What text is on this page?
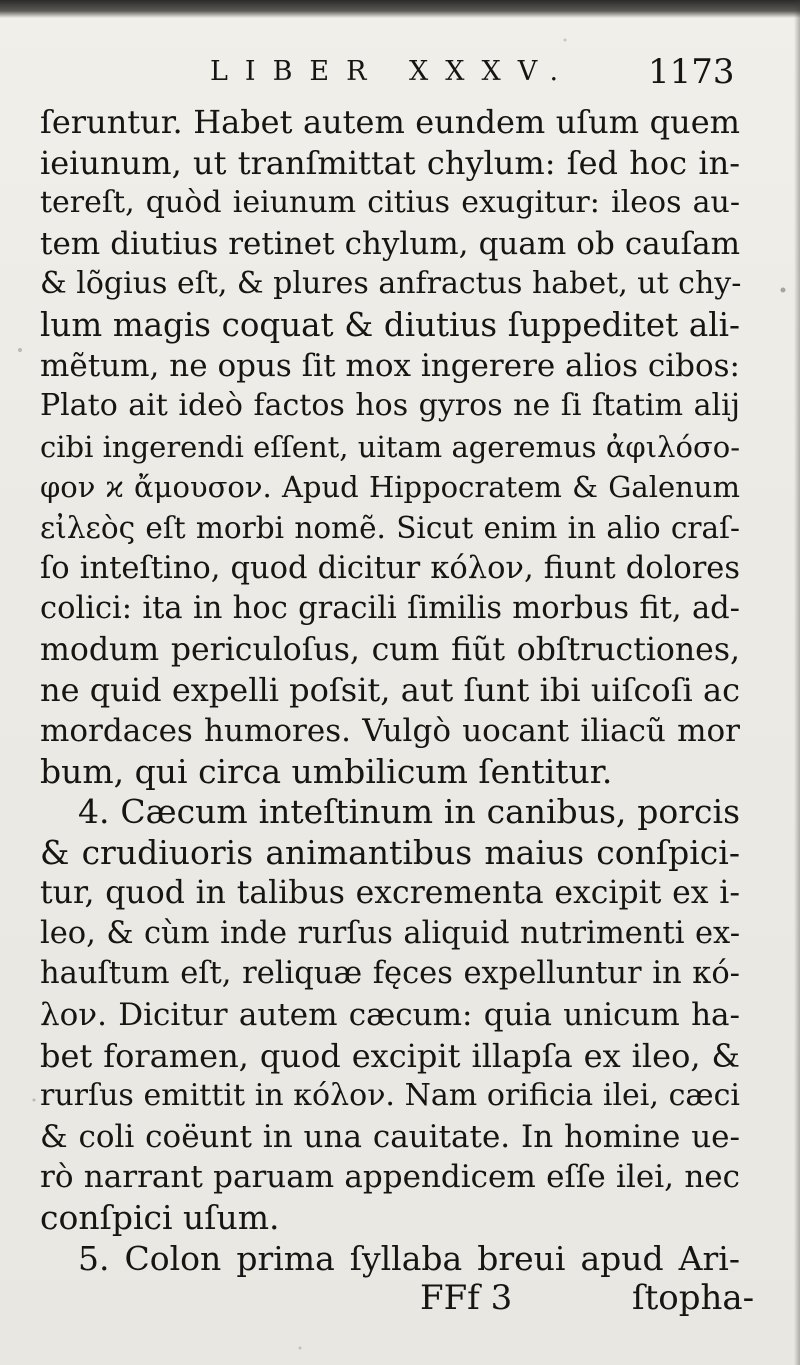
LIBER XXXV. 1173
ſeruntur. Habet autem eundem uſum quem
ieiunum, ut tranſmittat chylum: ſed hoc in-
tereſt, quòd ieiunum citius exugitur: ileos au-
tem diutius retinet chylum, quam ob cauſam
& lõgius eſt, & plures anfractus habet, ut chy-
lum magis coquat & diutius ſuppeditet ali-
mẽtum, ne opus ſit mox ingerere alios cibos:
Plato ait ideò factos hos gyros ne ſi ſtatim alij
cibi ingerendi eſſent, uitam ageremus ἀφιλόσο-
φον ϰ ἄμουσον. Apud Hippocratem & Galenum
εἰλεὸς eſt morbi nomẽ. Sicut enim in alio craſ-
ſo inteſtino, quod dicitur κόλον, fiunt dolores
colici: ita in hoc gracili ſimilis morbus fit, ad-
modum periculoſus, cum fiũt obſtructiones,
ne quid expelli poſsit, aut ſunt ibi uiſcoſi ac
mordaces humores. Vulgò uocant iliacũ mor
bum, qui circa umbilicum ſentitur.
4. Cæcum inteſtinum in canibus, porcis
& crudiuoris animantibus maius conſpici-
tur, quod in talibus excrementa excipit ex i-
leo, & cùm inde rurſus aliquid nutrimenti ex-
hauſtum eſt, reliquæ fęces expelluntur in κό-
λον. Dicitur autem cæcum: quia unicum ha-
bet foramen, quod excipit illapſa ex ileo, &
rurſus emittit in κόλον. Nam orificia ilei, cæci
& coli coëunt in una cauitate. In homine ue-
rò narrant paruam appendicem eſſe ilei, nec
conſpici uſum.
5. Colon prima ſyllaba breui apud Ari-
FFf 3	ſtopha-
